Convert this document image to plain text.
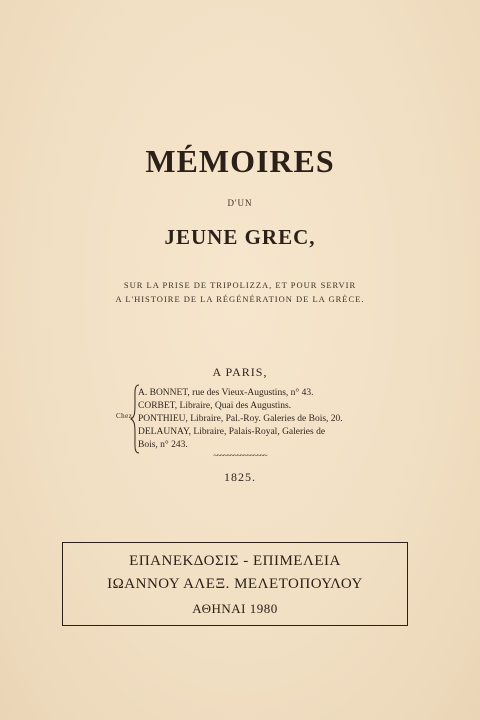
MÉMOIRES
D'UN
JEUNE GREC,
SUR LA PRISE DE TRIPOLIZZA, ET POUR SERVIR
A L'HISTOIRE DE LA RÉGÉNÉRATION DE LA GRÈCE.
A PARIS,
Chez
A. BONNET, rue des Vieux-Augustins, n° 43.
CORBET, Libraire, Quai des Augustins.
PONTHIEU, Libraire, Pal.-Roy. Galeries de Bois, 20.
DELAUNAY, Libraire, Palais-Royal, Galeries de
Bois, n° 243.
~~~~~~~~~~~~~~~~
1825.
ΕΠΑΝΕΚΔΟΣΙΣ - ΕΠΙΜΕΛΕΙΑ
ΙΩΑΝΝΟΥ ΑΛΕΞ. ΜΕΛΕΤΟΠΟΥΛΟΥ
ΑΘΗΝΑΙ 1980
